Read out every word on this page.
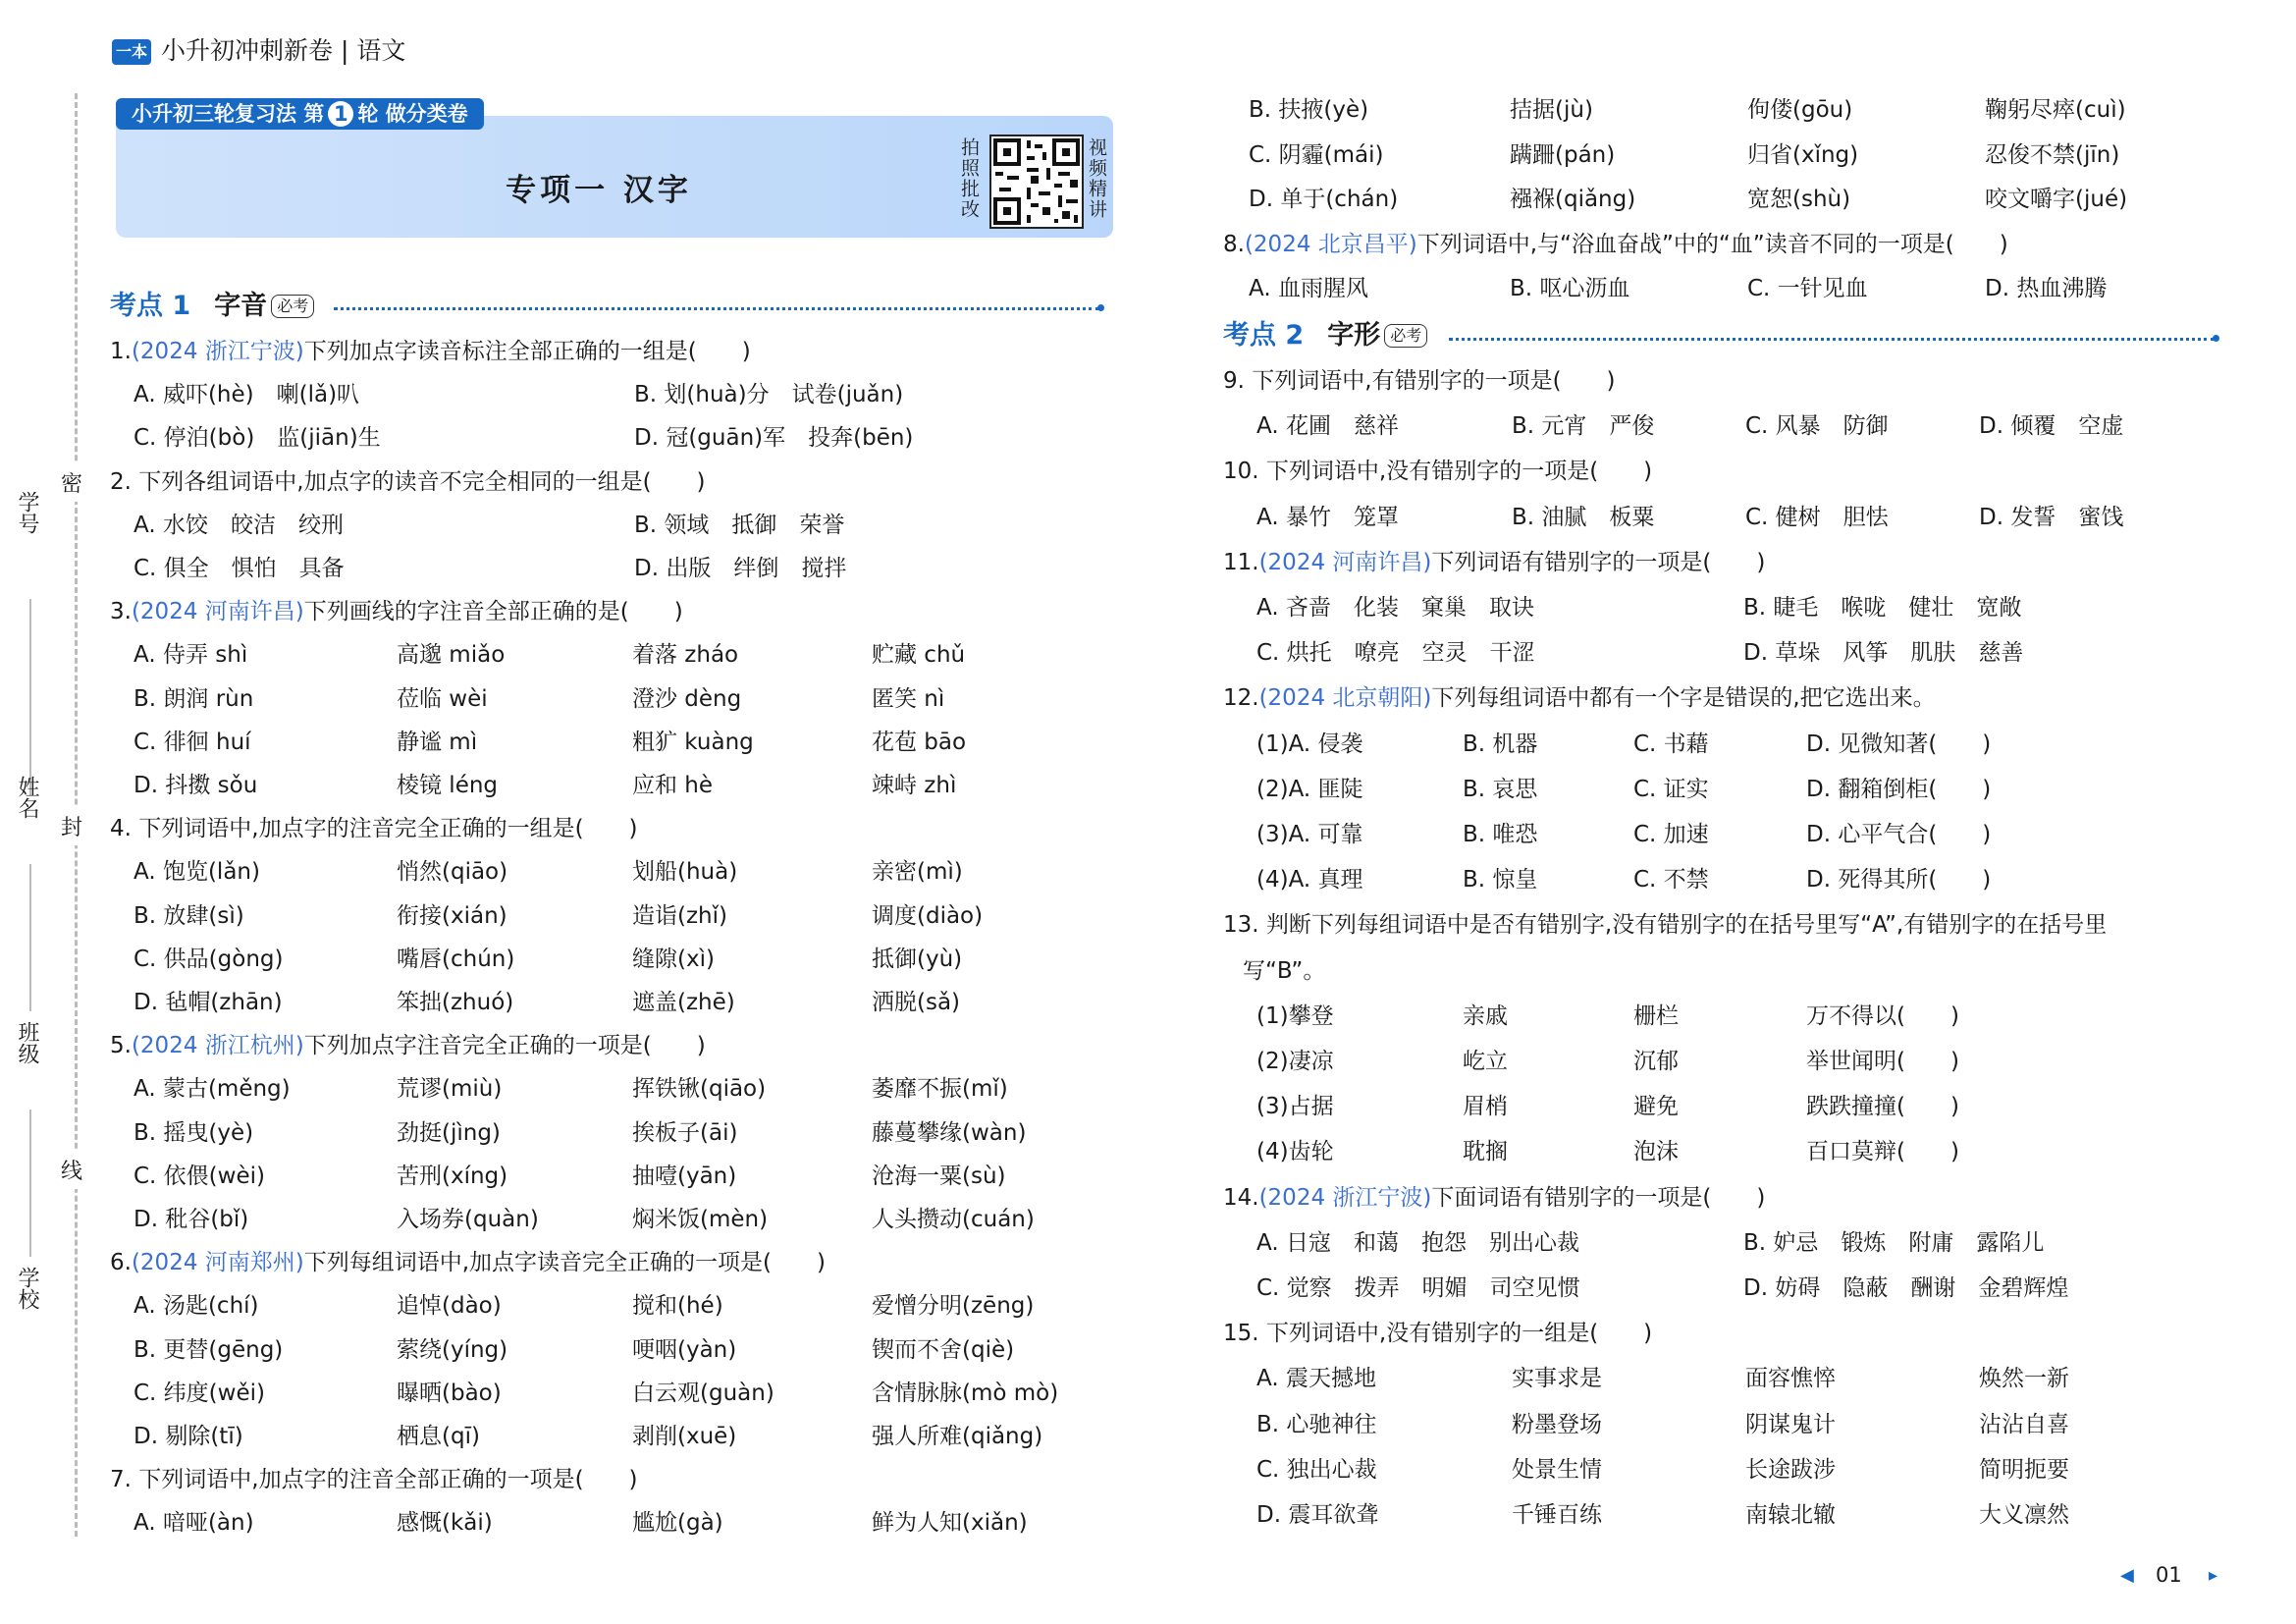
一本 小升初冲刺新卷 | 语文
学号
姓名
班级
学校
密
封
线
小升初三轮复习法 第 1 轮 做分类卷
专项一 汉字	拍照批改	视频精讲
考点 1 字音 必考
考点 2 字形 必考
1.(2024 浙江宁波)下列加点字读音标注全部正确的一组是(　　)
A. 威吓(hè)　喇(lǎ)叭	B. 划(huà)分　试卷(juǎn)
C. 停泊(bò)　监(jiān)生	D. 冠(guān)军　投奔(bēn)
2. 下列各组词语中,加点字的读音不完全相同的一组是(　　)
A. 水饺　皎洁　绞刑	B. 领域　抵御　荣誉
C. 俱全　惧怕　具备	D. 出版　绊倒　搅拌
3.(2024 河南许昌)下列画线的字注音全部正确的是(　　)
A. 侍弄 shì	高邈 miǎo	着落 zháo	贮藏 chǔ
B. 朗润 rùn	莅临 wèi	澄沙 dèng	匿笑 nì
C. 徘徊 huí	静谧 mì	粗犷 kuàng	花苞 bāo
D. 抖擞 sǒu	棱镜 léng	应和 hè	竦峙 zhì
4. 下列词语中,加点字的注音完全正确的一组是(　　)
A. 饱览(lǎn)	悄然(qiāo)	划船(huà)	亲密(mì)
B. 放肆(sì)	衔接(xián)	造诣(zhǐ)	调度(diào)
C. 供品(gòng)	嘴唇(chún)	缝隙(xì)	抵御(yù)
D. 毡帽(zhān)	笨拙(zhuó)	遮盖(zhē)	洒脱(sǎ)
5.(2024 浙江杭州)下列加点字注音完全正确的一项是(　　)
A. 蒙古(měng)	荒谬(miù)	挥铁锹(qiāo)	萎靡不振(mǐ)
B. 摇曳(yè)	劲挺(jìng)	挨板子(āi)	藤蔓攀缘(wàn)
C. 依偎(wèi)	苦刑(xíng)	抽噎(yān)	沧海一粟(sù)
D. 秕谷(bǐ)	入场券(quàn)	焖米饭(mèn)	人头攒动(cuán)
6.(2024 河南郑州)下列每组词语中,加点字读音完全正确的一项是(　　)
A. 汤匙(chí)	追悼(dào)	搅和(hé)	爱憎分明(zēng)
B. 更替(gēng)	萦绕(yíng)	哽咽(yàn)	锲而不舍(qiè)
C. 纬度(wěi)	曝晒(bào)	白云观(guàn)	含情脉脉(mò mò)
D. 剔除(tī)	栖息(qī)	剥削(xuē)	强人所难(qiǎng)
7. 下列词语中,加点字的注音全部正确的一项是(　　)
A. 喑哑(àn)	感慨(kǎi)	尴尬(gà)	鲜为人知(xiǎn)
B. 扶掖(yè)	拮据(jù)	佝偻(gōu)	鞠躬尽瘁(cuì)
C. 阴霾(mái)	蹒跚(pán)	归省(xǐng)	忍俊不禁(jīn)
D. 单于(chán)	襁褓(qiǎng)	宽恕(shù)	咬文嚼字(jué)
8.(2024 北京昌平)下列词语中,与“浴血奋战”中的“血”读音不同的一项是(　　)
A. 血雨腥风	B. 呕心沥血	C. 一针见血	D. 热血沸腾
9. 下列词语中,有错别字的一项是(　　)
A. 花圃　慈祥	B. 元宵　严俊	C. 风暴　防御	D. 倾覆　空虚
10. 下列词语中,没有错别字的一项是(　　)
A. 暴竹　笼罩	B. 油腻　板粟	C. 健树　胆怯	D. 发誓　蜜饯
11.(2024 河南许昌)下列词语有错别字的一项是(　　)
A. 吝啬　化装　窠巢　取诀	B. 睫毛　喉咙　健壮　宽敞
C. 烘托　嘹亮　空灵　干涩	D. 草垛　风筝　肌肤　慈善
12.(2024 北京朝阳)下列每组词语中都有一个字是错误的,把它选出来。
(1)A. 侵袭	B. 机器	C. 书藉	D. 见微知著(　　)
(2)A. 匪陡	B. 哀思	C. 证实	D. 翻箱倒柜(　　)
(3)A. 可靠	B. 唯恐	C. 加速	D. 心平气合(　　)
(4)A. 真理	B. 惊皇	C. 不禁	D. 死得其所(　　)
13. 判断下列每组词语中是否有错别字,没有错别字的在括号里写“A”,有错别字的在括号里
写“B”。
(1)攀登	亲戚	栅栏	万不得以(　　)
(2)凄凉	屹立	沉郁	举世闻明(　　)
(3)占据	眉梢	避免	跌跌撞撞(　　)
(4)齿轮	耽搁	泡沫	百口莫辩(　　)
14.(2024 浙江宁波)下面词语有错别字的一项是(　　)
A. 日寇　和蔼　抱怨　别出心裁	B. 妒忌　锻炼　附庸　露陷儿
C. 觉察　拨弄　明媚　司空见惯	D. 妨碍　隐蔽　酬谢　金碧辉煌
15. 下列词语中,没有错别字的一组是(　　)
A. 震天撼地	实事求是	面容憔悴	焕然一新
B. 心驰神往	粉墨登场	阴谋鬼计	沾沾自喜
C. 独出心裁	处景生情	长途跋涉	简明扼要
D. 震耳欲聋	千锤百练	南辕北辙	大义凛然
◀ 01 ▸
